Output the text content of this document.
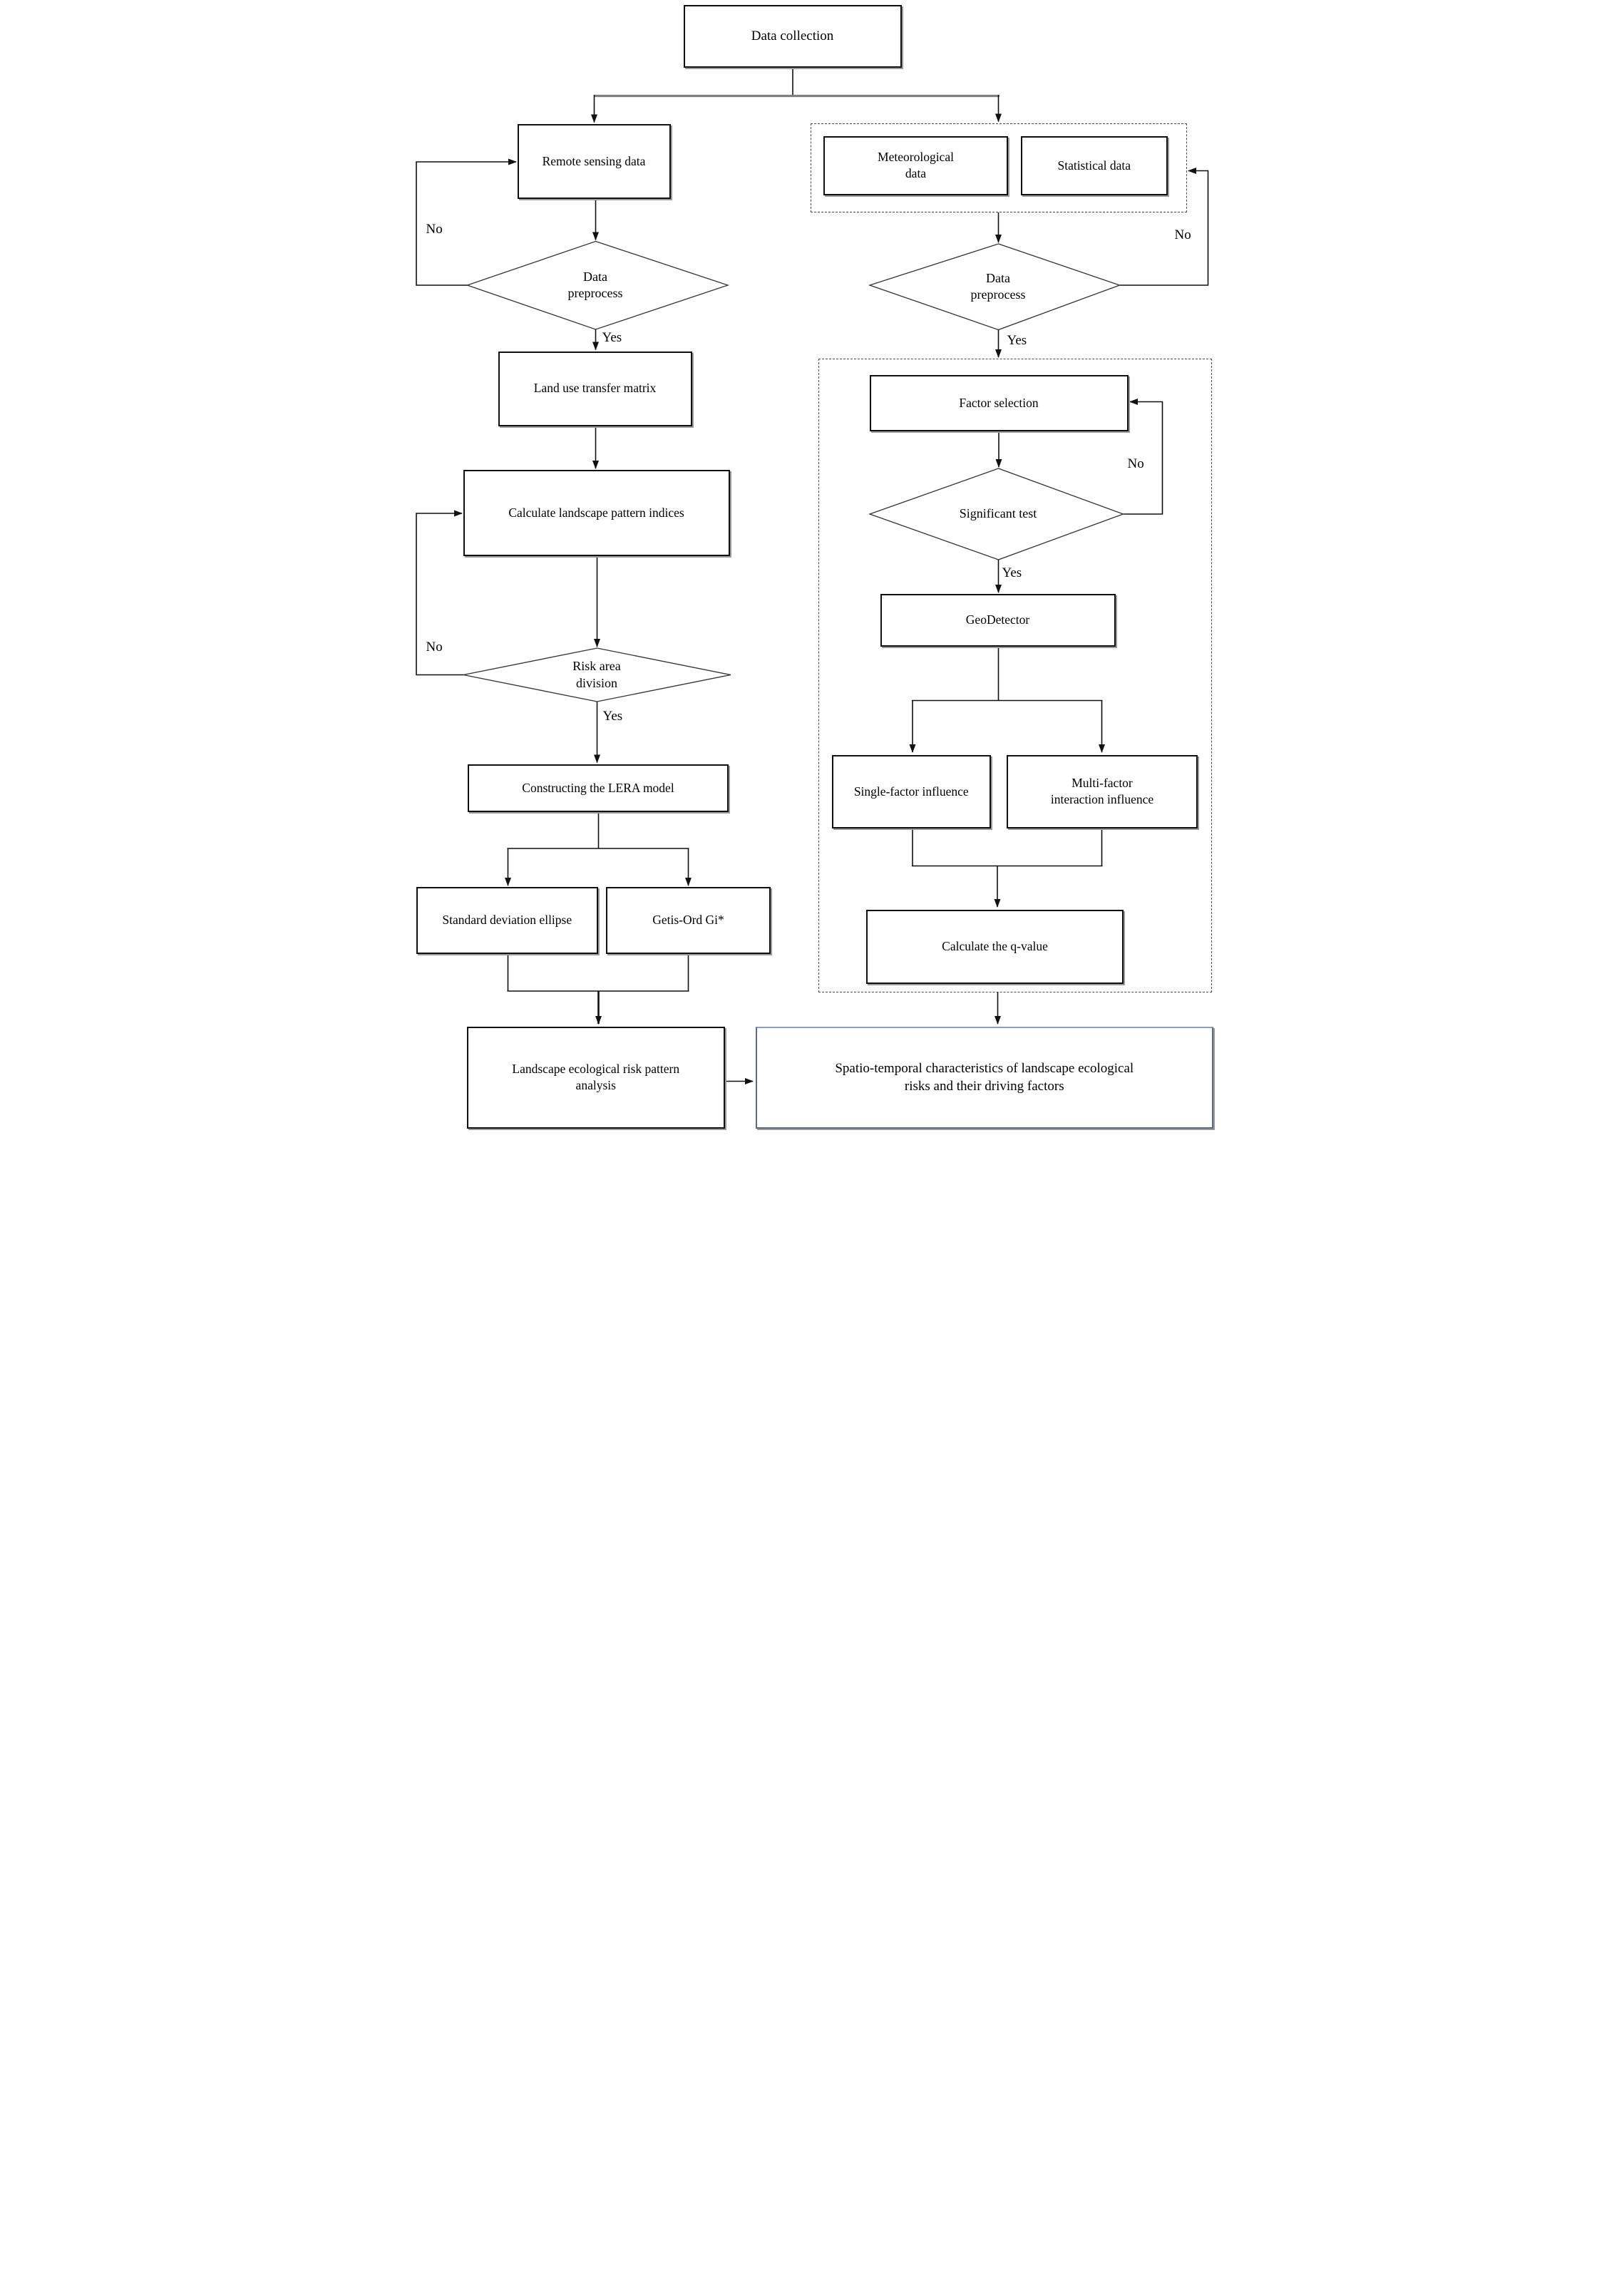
Data collection
Remote sensing data
Land use transfer matrix
Calculate landscape pattern indices
Constructing the LERA model
Standard deviation ellipse	Getis-Ord Gi*
Landscape ecological risk pattern analysis
Meteorological data
Statistical data
Factor selection
GeoDetector
Single-factor influence
Multi-factor interaction influence
Calculate the q-value
Spatio-temporal characteristics of landscape ecological risks and their driving factors
Data preprocess
Risk area division
Data preprocess
Significant test
Yes
No
Yes
No
Yes
No
Yes
No
